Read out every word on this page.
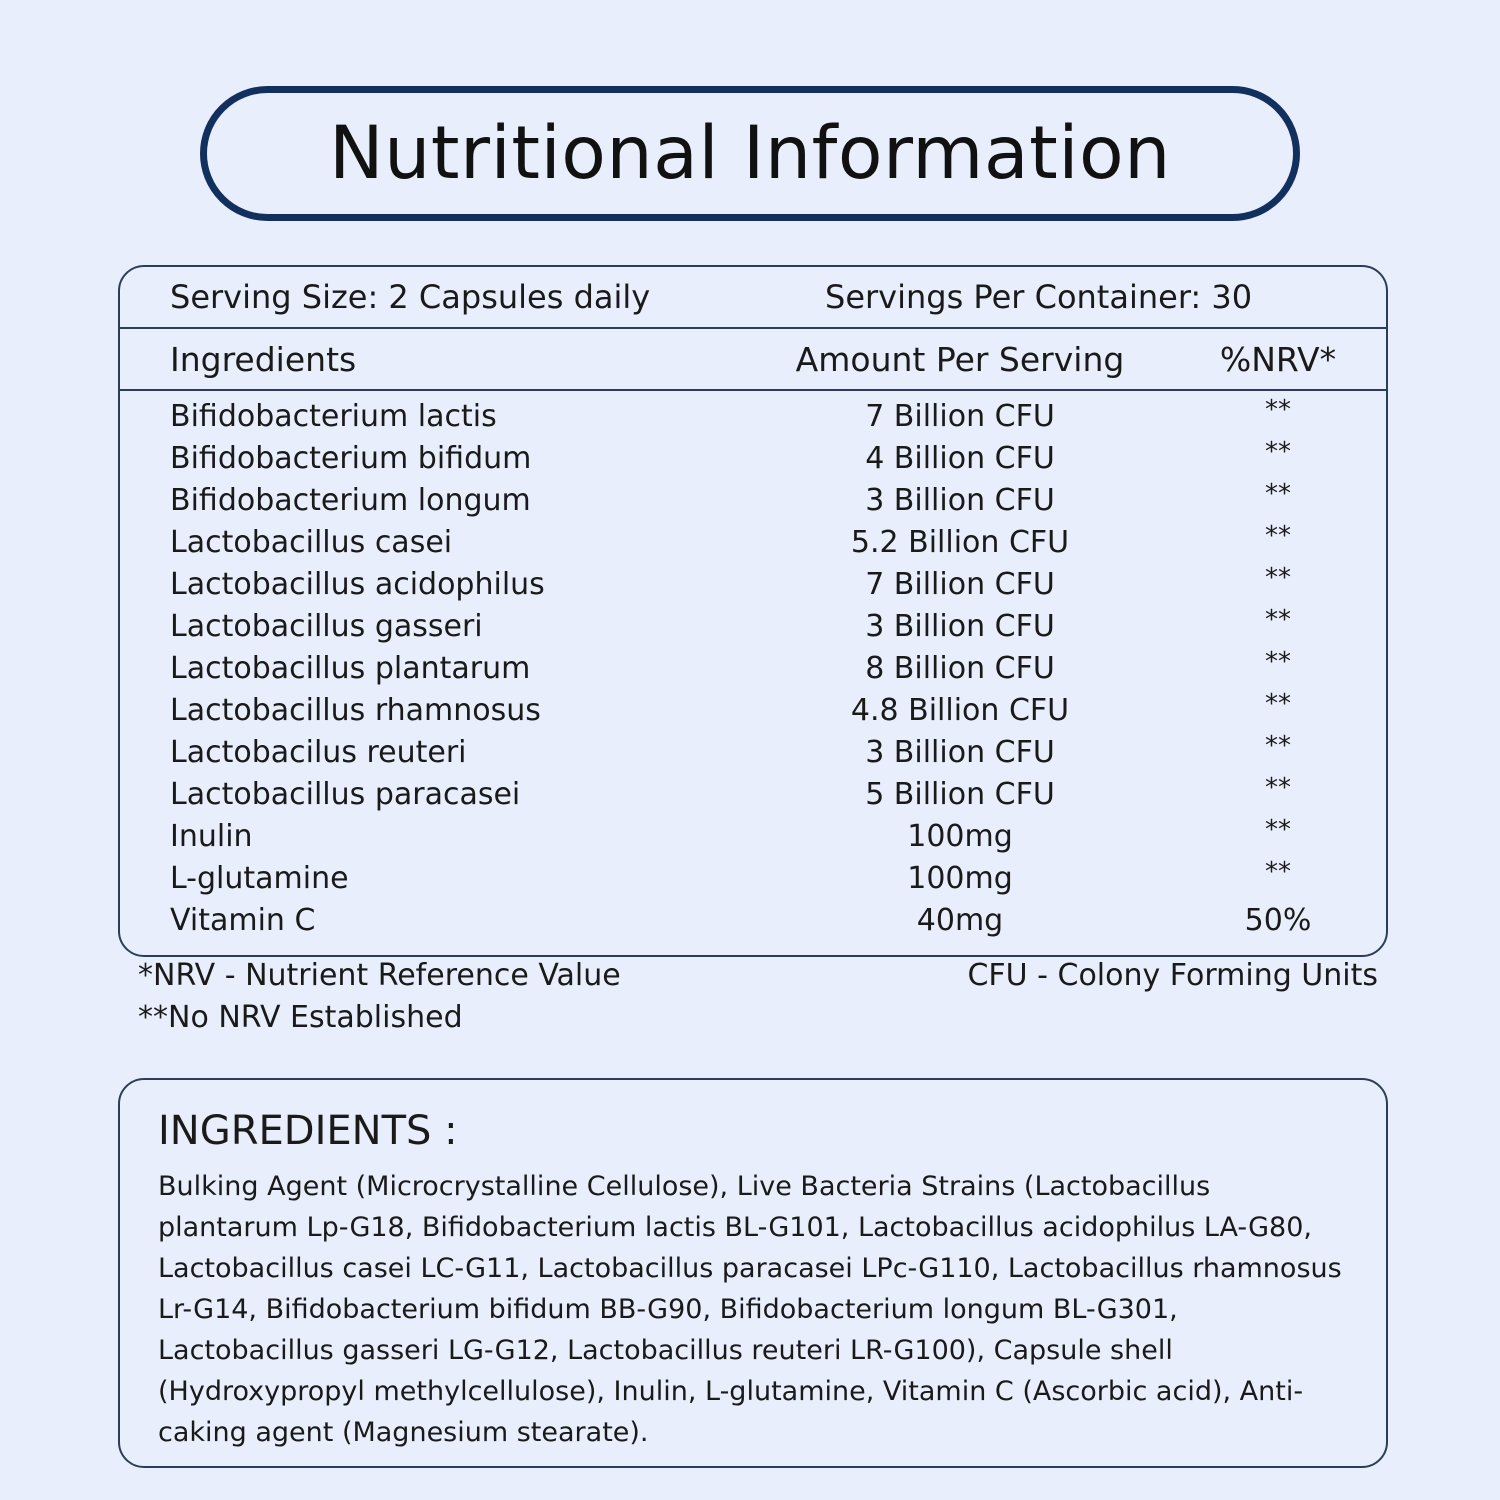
Nutritional Information
Serving Size: 2 Capsules daily	Servings Per Container: 30
Ingredients	Amount Per Serving	%NRV*
Bifidobacterium lactis	7 Billion CFU	**
Bifidobacterium bifidum	4 Billion CFU	**
Bifidobacterium longum	3 Billion CFU	**
Lactobacillus casei	5.2 Billion CFU	**
Lactobacillus acidophilus	7 Billion CFU	**
Lactobacillus gasseri	3 Billion CFU	**
Lactobacillus plantarum	8 Billion CFU	**
Lactobacillus rhamnosus	4.8 Billion CFU	**
Lactobacilus reuteri	3 Billion CFU	**
Lactobacillus paracasei	5 Billion CFU	**
Inulin	100mg	**
L-glutamine	100mg	**
Vitamin C	40mg	50%
*NRV - Nutrient Reference Value	CFU - Colony Forming Units
**No NRV Established
INGREDIENTS :
Bulking Agent (Microcrystalline Cellulose), Live Bacteria Strains (Lactobacillus plantarum Lp-G18, Bifidobacterium lactis BL-G101, Lactobacillus acidophilus LA-G80, Lactobacillus casei LC-G11, Lactobacillus paracasei LPc-G110, Lactobacillus rhamnosus Lr-G14, Bifidobacterium bifidum BB-G90, Bifidobacterium longum BL-G301, Lactobacillus gasseri LG-G12, Lactobacillus reuteri LR-G100), Capsule shell (Hydroxypropyl methylcellulose), Inulin, L-glutamine, Vitamin C (Ascorbic acid), Anti-caking agent (Magnesium stearate).
